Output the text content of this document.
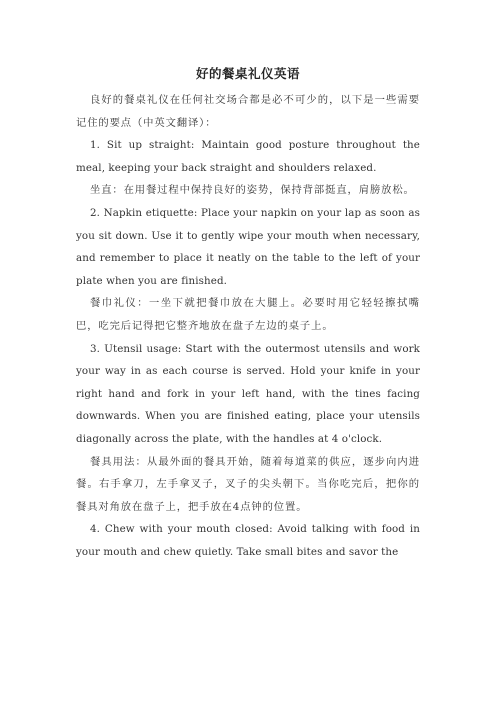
好的餐桌礼仪英语

良好的餐桌礼仪在任何社交场合都是必不可少的，以下是一些需要记住的要点（中英文翻译）：

1. Sit up straight: Maintain good posture throughout the meal, keeping your back straight and shoulders relaxed.

坐直：在用餐过程中保持良好的姿势，保持背部挺直，肩膀放松。

2. Napkin etiquette: Place your napkin on your lap as soon as you sit down. Use it to gently wipe your mouth when necessary, and remember to place it neatly on the table to the left of your plate when you are finished.

餐巾礼仪：一坐下就把餐巾放在大腿上。必要时用它轻轻擦拭嘴巴，吃完后记得把它整齐地放在盘子左边的桌子上。

3. Utensil usage: Start with the outermost utensils and work your way in as each course is served. Hold your knife in your right hand and fork in your left hand, with the tines facing downwards. When you are finished eating, place your utensils diagonally across the plate, with the handles at 4 o'clock.

餐具用法：从最外面的餐具开始，随着每道菜的供应，逐步向内进餐。右手拿刀，左手拿叉子，叉子的尖头朝下。当你吃完后，把你的餐具对角放在盘子上，把手放在4点钟的位置。

4. Chew with your mouth closed: Avoid talking with food in your mouth and chew quietly. Take small bites and savor the
